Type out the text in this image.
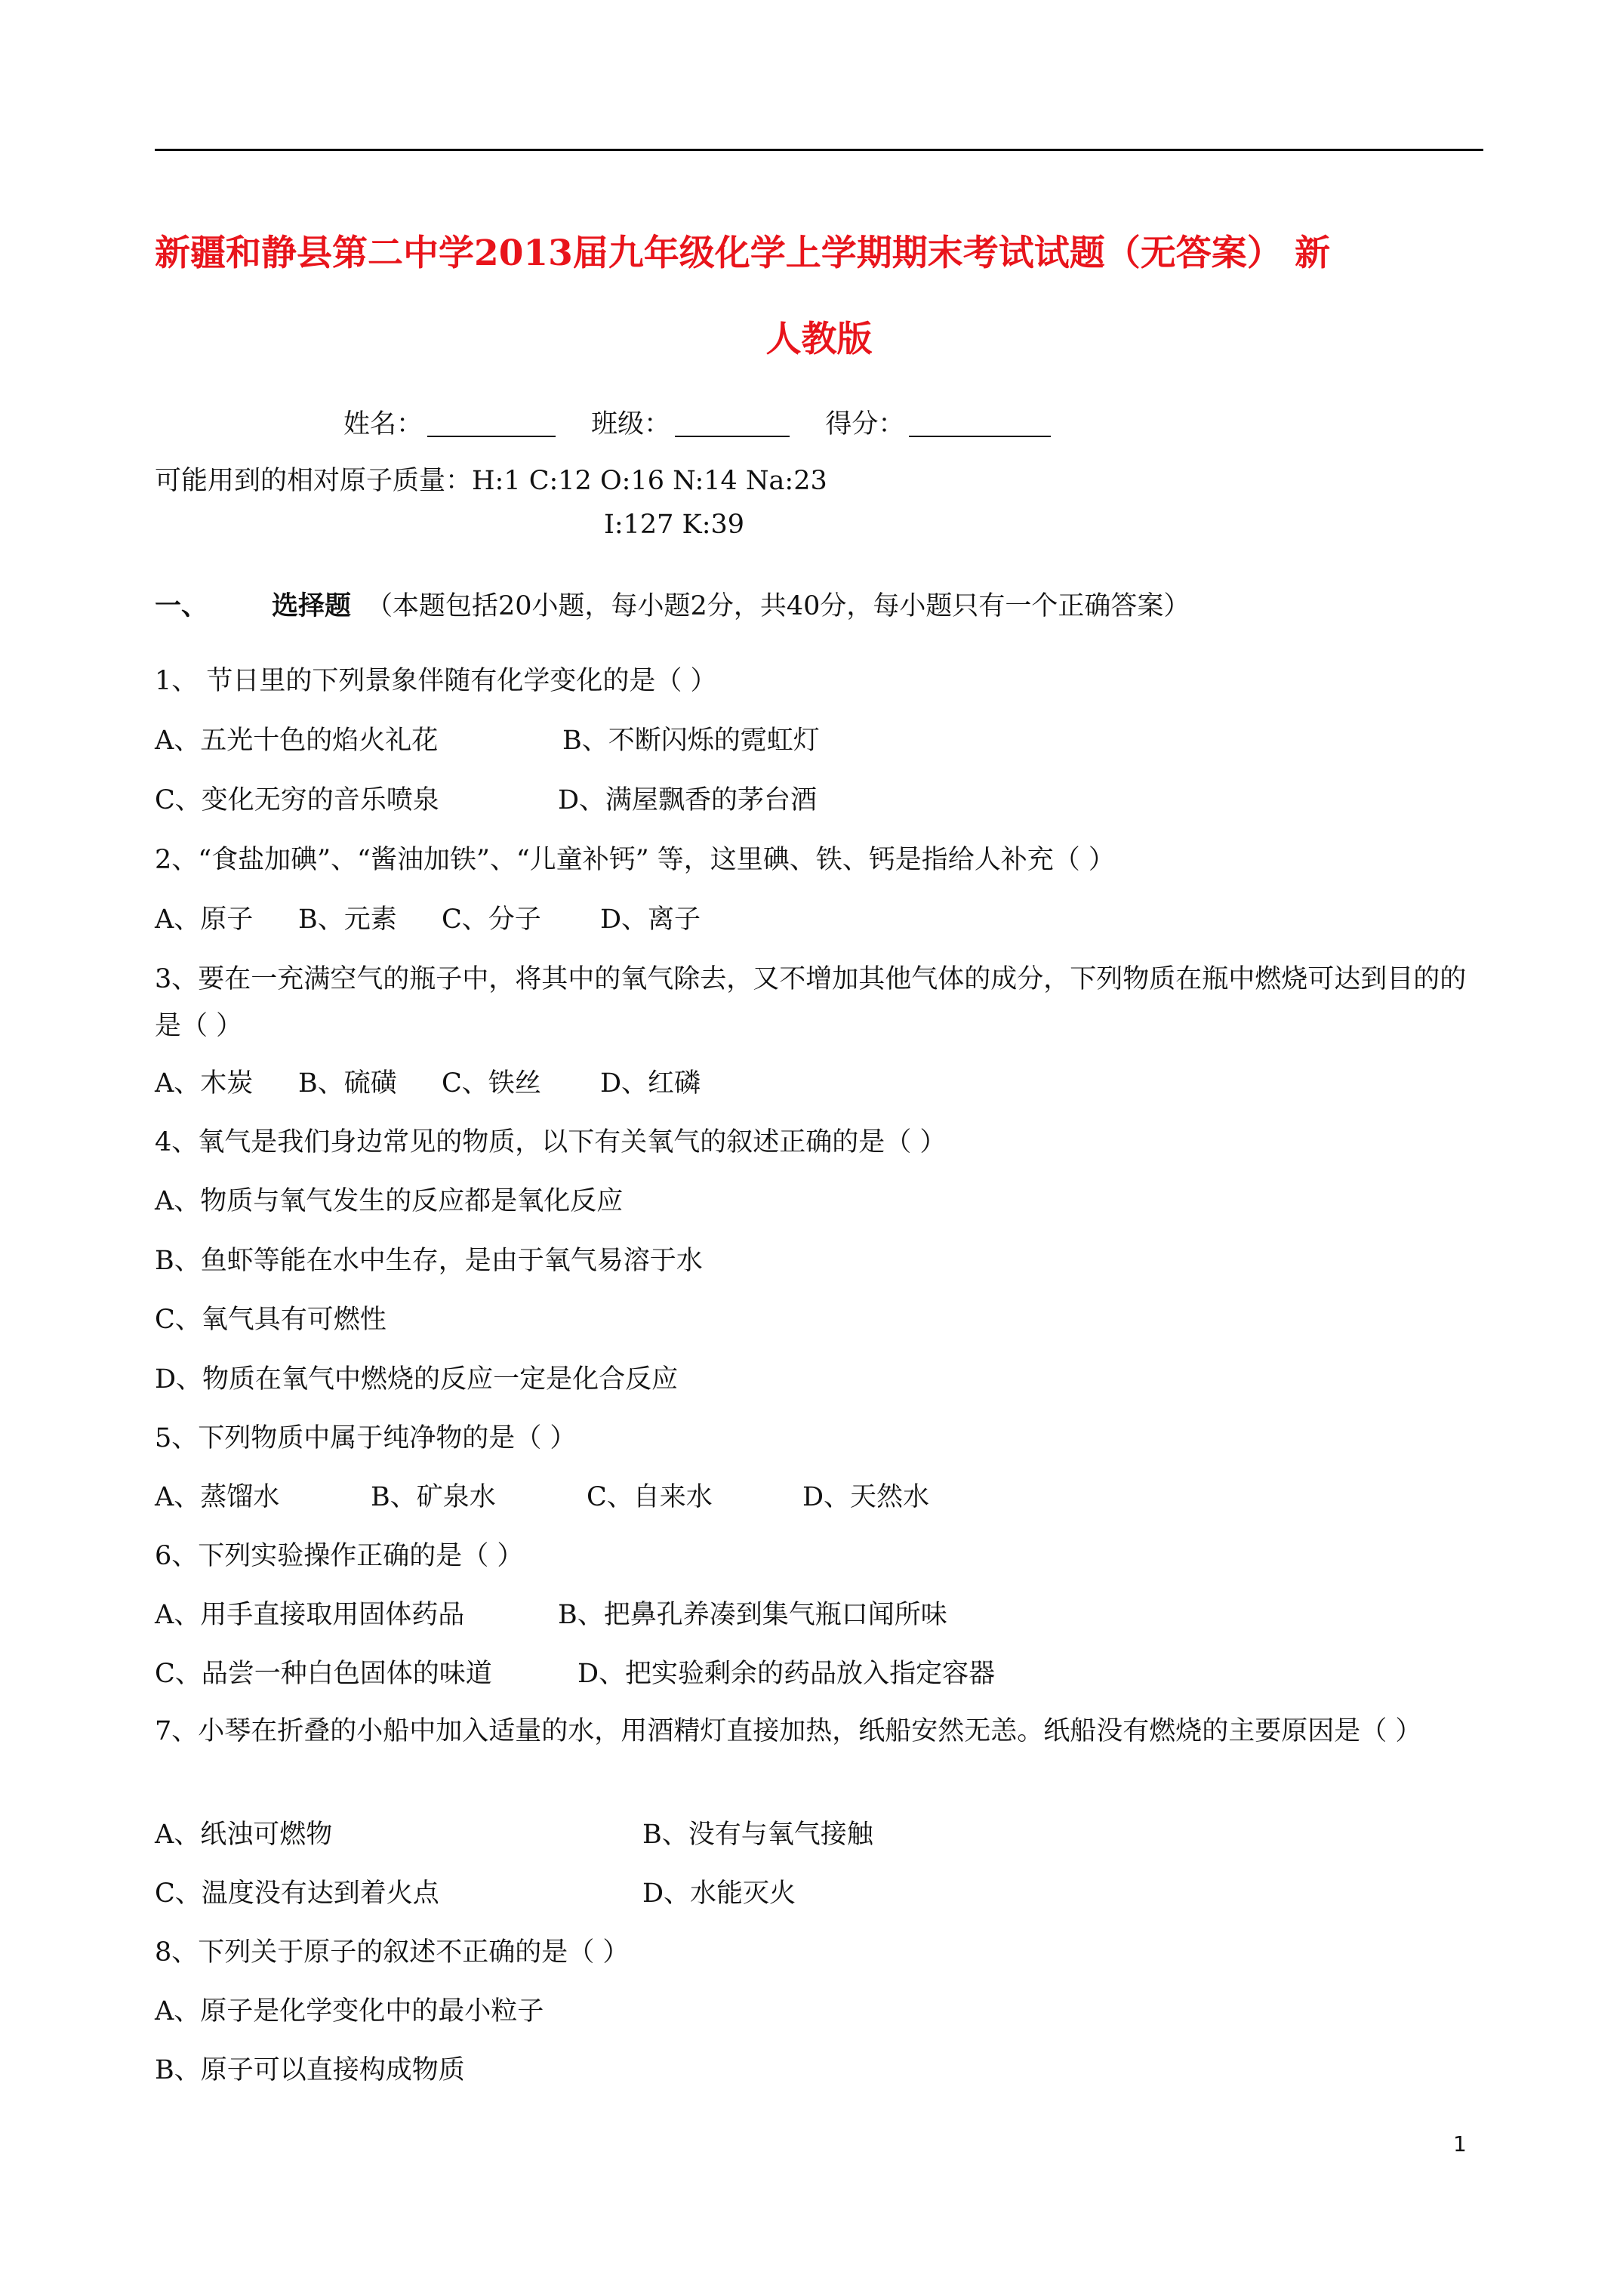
新疆和静县第二中学2013届九年级化学上学期期末考试试题（无答案） 新
人教版
姓名：	班级：	得分：
可能用到的相对原子质量：H:1 C:12 O:16 N:14 Na:23
I:127 K:39
一、 选择题 （本题包括20小题，每小题2分，共40分，每小题只有一个正确答案）
1、 节日里的下列景象伴随有化学变化的是（ ）
A、五光十色的焰火礼花	B、不断闪烁的霓虹灯
C、变化无穷的音乐喷泉	D、满屋飘香的茅台酒
2、“食盐加碘”、“酱油加铁”、“儿童补钙” 等，这里碘、铁、钙是指给人补充（ ）
A、原子 B、元素 C、分子 D、离子
3、要在一充满空气的瓶子中，将其中的氧气除去，又不增加其他气体的成分，下列物质在瓶中燃烧可达到目的的是（ ）
A、木炭 B、硫磺 C、铁丝 D、红磷
4、氧气是我们身边常见的物质，以下有关氧气的叙述正确的是（ ）
A、物质与氧气发生的反应都是氧化反应
B、鱼虾等能在水中生存，是由于氧气易溶于水
C、氧气具有可燃性
D、物质在氧气中燃烧的反应一定是化合反应
5、下列物质中属于纯净物的是（ ）
A、蒸馏水	B、矿泉水	C、自来水	D、天然水
6、下列实验操作正确的是（ ）
A、用手直接取用固体药品	B、把鼻孔养凑到集气瓶口闻所味
C、品尝一种白色固体的味道	D、把实验剩余的药品放入指定容器
7、小琴在折叠的小船中加入适量的水，用酒精灯直接加热，纸船安然无恙。纸船没有燃烧的主要原因是（ ）
A、纸浊可燃物	B、没有与氧气接触
C、温度没有达到着火点	D、水能灭火
8、下列关于原子的叙述不正确的是（ ）
A、原子是化学变化中的最小粒子
B、原子可以直接构成物质
1
